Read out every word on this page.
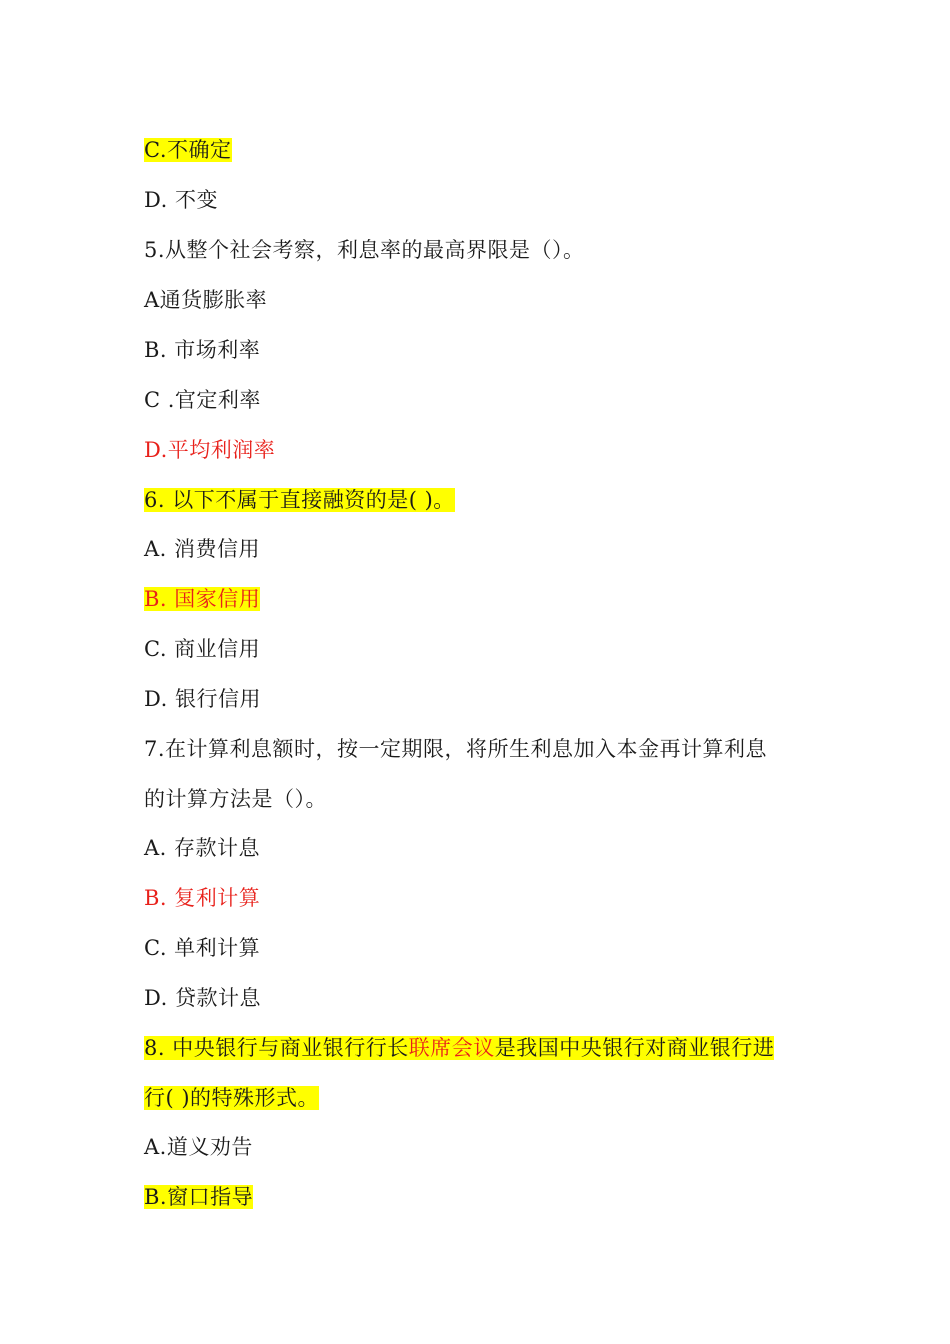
C.不确定
D. 不变
5.从整个社会考察，利息率的最高界限是（）。
A通货膨胀率
B. 市场利率
C .官定利率
D.平均利润率
6. 以下不属于直接融资的是( )。
A. 消费信用
B. 国家信用
C. 商业信用
D. 银行信用
7.在计算利息额时，按一定期限，将所生利息加入本金再计算利息
的计算方法是（）。
A. 存款计息
B. 复利计算
C. 单利计算
D. 贷款计息
8. 中央银行与商业银行行长联席会议是我国中央银行对商业银行进
行( )的特殊形式。
A.道义劝告
B.窗口指导
